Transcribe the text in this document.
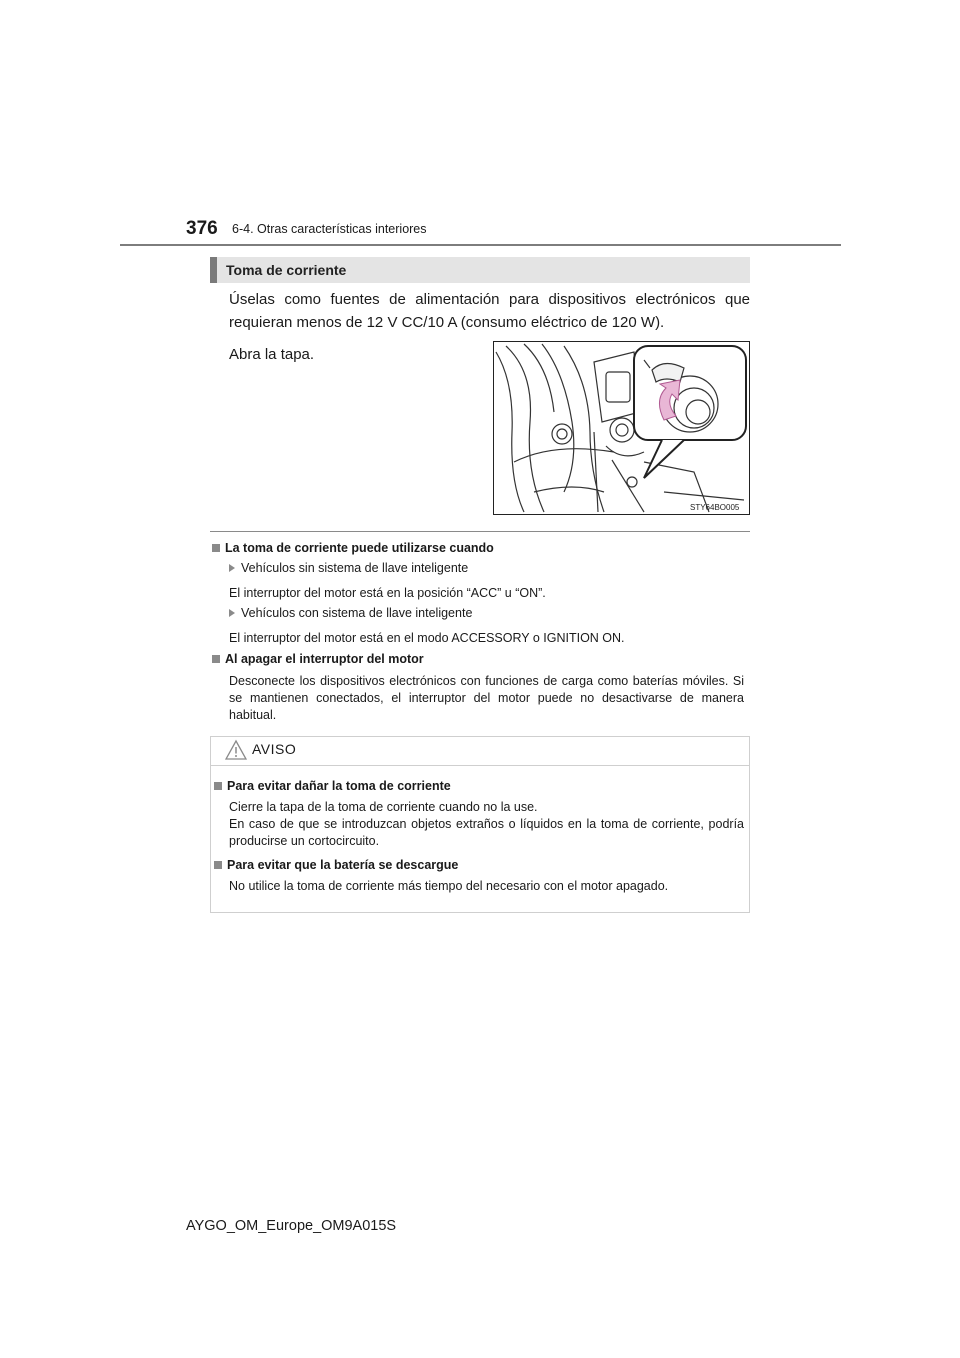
376 6-4. Otras características interiores
Toma de corriente
Úselas como fuentes de alimentación para dispositivos electrónicos que
requieran menos de 12 V CC/10 A (consumo eléctrico de 120 W).
Abra la tapa.
STY64BO005
La toma de corriente puede utilizarse cuando
Vehículos sin sistema de llave inteligente
El interruptor del motor está en la posición “ACC” u “ON”.
Vehículos con sistema de llave inteligente
El interruptor del motor está en el modo ACCESSORY o IGNITION ON.
Al apagar el interruptor del motor
Desconecte los dispositivos electrónicos con funciones de carga como baterías móviles. Si se mantienen conectados, el interruptor del motor puede no desactivarse de manera habitual.
AVISO
Para evitar dañar la toma de corriente
Cierre la tapa de la toma de corriente cuando no la use.
En caso de que se introduzcan objetos extraños o líquidos en la toma de corriente, podría producirse un cortocircuito.
Para evitar que la batería se descargue
No utilice la toma de corriente más tiempo del necesario con el motor apagado.
AYGO_OM_Europe_OM9A015S
